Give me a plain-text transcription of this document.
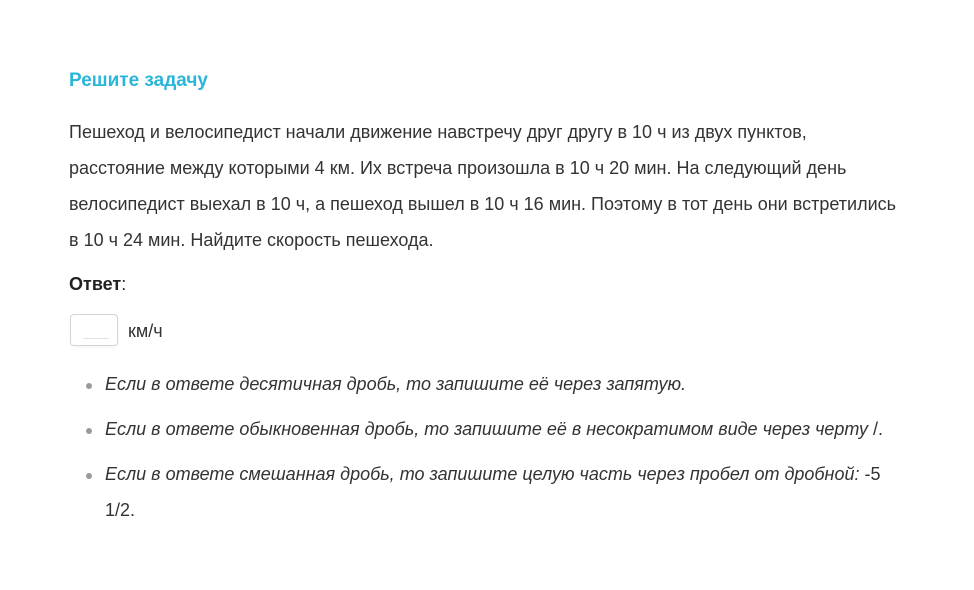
Решите задачу
Пешеход и велосипедист начали движение навстречу друг другу в 10 ч из двух пунктов,
расстояние между которыми 4 км. Их встреча произошла в 10 ч 20 мин. На следующий день
велосипедист выехал в 10 ч, а пешеход вышел в 10 ч 16 мин. Поэтому в тот день они встретились
в 10 ч 24 мин. Найдите скорость пешехода.
Ответ:
км/ч
Если в ответе десятичная дробь, то запишите её через запятую.
Если в ответе обыкновенная дробь, то запишите её в несократимом виде через черту /.
Если в ответе смешанная дробь, то запишите целую часть через пробел от дробной: -5 1/2.
